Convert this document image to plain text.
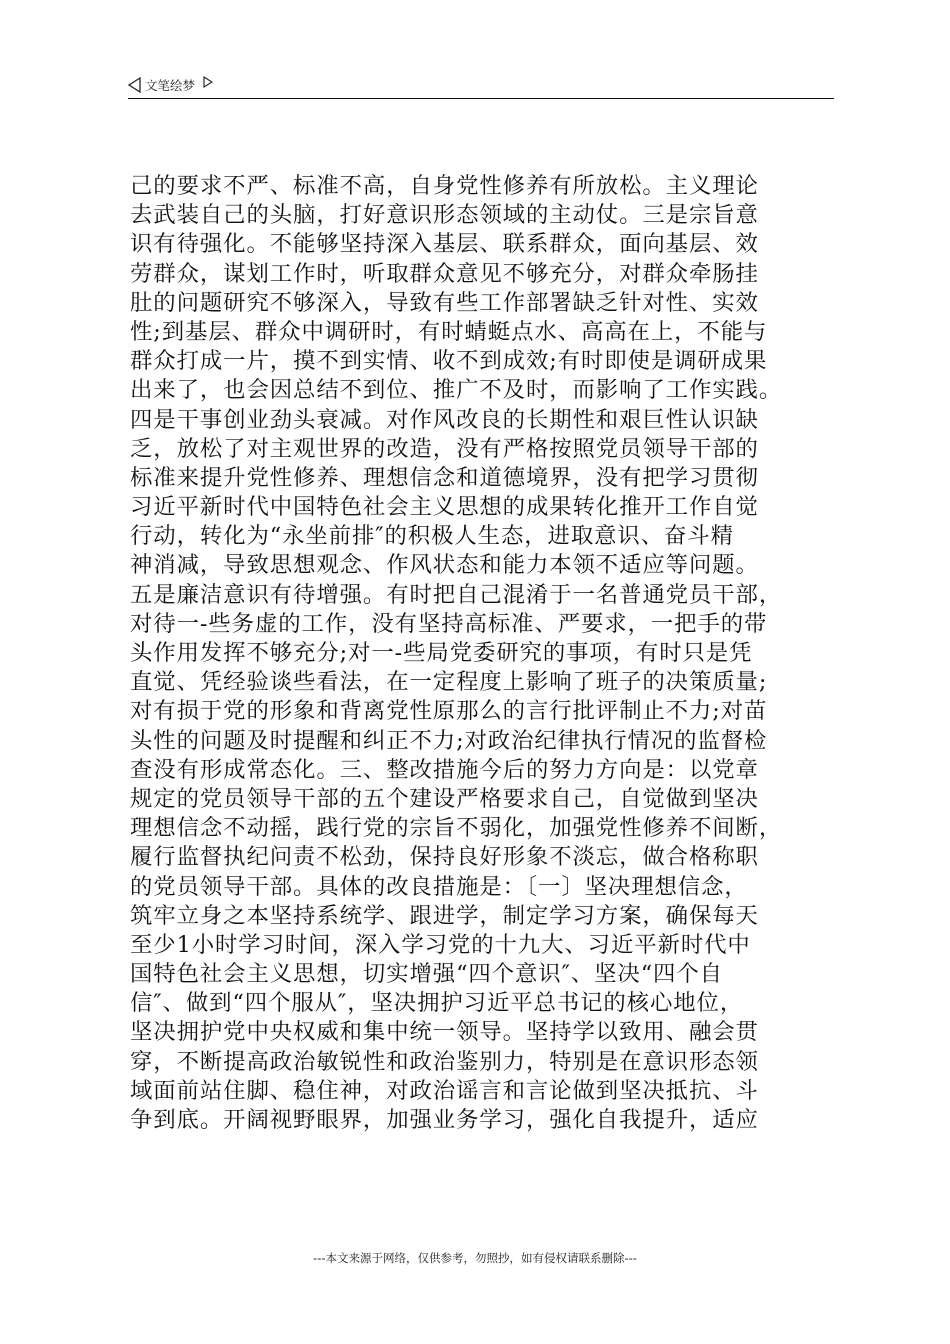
文笔绘梦
己的要求不严、标准不高，自身党性修养有所放松。主义理论
去武装自己的头脑，打好意识形态领域的主动仗。三是宗旨意
识有待强化。不能够坚持深入基层、联系群众，面向基层、效
劳群众，谋划工作时，听取群众意见不够充分，对群众牵肠挂
肚的问题研究不够深入，导致有些工作部署缺乏针对性、实效
性;到基层、群众中调研时，有时蜻蜓点水、高高在上，不能与
群众打成一片，摸不到实情、收不到成效;有时即使是调研成果
出来了，也会因总结不到位、推广不及时，而影响了工作实践。
四是干事创业劲头衰减。对作风改良的长期性和艰巨性认识缺
乏，放松了对主观世界的改造，没有严格按照党员领导干部的
标准来提升党性修养、理想信念和道德境界，没有把学习贯彻
习近平新时代中国特色社会主义思想的成果转化推开工作自觉
行动，转化为“永坐前排″的积极人生态，进取意识、奋斗精
神消减，导致思想观念、作风状态和能力本领不适应等问题。
五是廉洁意识有待增强。有时把自己混淆于一名普通党员干部，
对待一-些务虚的工作，没有坚持高标准、严要求，一把手的带
头作用发挥不够充分;对一-些局党委研究的事项，有时只是凭
直觉、凭经验谈些看法，在一定程度上影响了班子的决策质量;
对有损于党的形象和背离党性原那么的言行批评制止不力;对苗
头性的问题及时提醒和纠正不力;对政治纪律执行情况的监督检
查没有形成常态化。三、整改措施今后的努力方向是：以党章
规定的党员领导干部的五个建设严格要求自己，自觉做到坚决
理想信念不动摇，践行党的宗旨不弱化，加强党性修养不间断，
履行监督执纪问责不松劲，保持良好形象不淡忘，做合格称职
的党员领导干部。具体的改良措施是：〔一〕坚决理想信念，
筑牢立身之本坚持系统学、跟进学，制定学习方案，确保每天
至少1小时学习时间，深入学习党的十九大、习近平新时代中
国特色社会主义思想，切实增强“四个意识″、坚决“四个自
信″、做到“四个服从″，坚决拥护习近平总书记的核心地位，
坚决拥护党中央权威和集中统一领导。坚持学以致用、融会贯
穿，不断提高政治敏锐性和政治鉴别力，特别是在意识形态领
域面前站住脚、稳住神，对政治谣言和言论做到坚决抵抗、斗
争到底。开阔视野眼界，加强业务学习，强化自我提升，适应
---本文来源于网络，仅供参考，勿照抄，如有侵权请联系删除---
